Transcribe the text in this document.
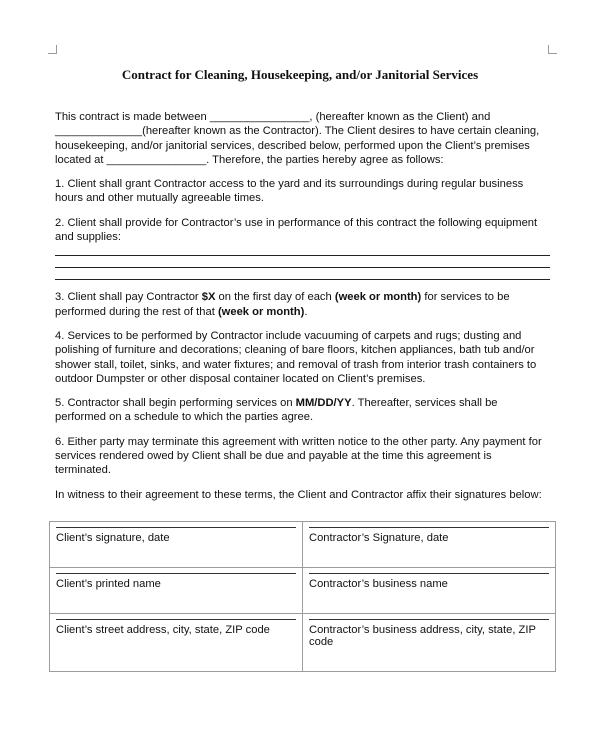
Contract for Cleaning, Housekeeping, and/or Janitorial Services

This contract is made between ________________, (hereafter known as the Client) and ______________(hereafter known as the Contractor). The Client desires to have certain cleaning, housekeeping, and/or janitorial services, described below, performed upon the Client’s premises located at ________________. Therefore, the parties hereby agree as follows:

1. Client shall grant Contractor access to the yard and its surroundings during regular business hours and other mutually agreeable times.

2. Client shall provide for Contractor’s use in performance of this contract the following equipment and supplies:

3. Client shall pay Contractor $X on the first day of each (week or month) for services to be performed during the rest of that (week or month).

4. Services to be performed by Contractor include vacuuming of carpets and rugs; dusting and polishing of furniture and decorations; cleaning of bare floors, kitchen appliances, bath tub and/or shower stall, toilet, sinks, and water fixtures; and removal of trash from interior trash containers to outdoor Dumpster or other disposal container located on Client’s premises.

5. Contractor shall begin performing services on MM/DD/YY. Thereafter, services shall be performed on a schedule to which the parties agree.

6. Either party may terminate this agreement with written notice to the other party. Any payment for services rendered owed by Client shall be due and payable at the time this agreement is terminated.

In witness to their agreement to these terms, the Client and Contractor affix their signatures below:

Client’s signature, date	Contractor’s Signature, date

Client’s printed name	Contractor’s business name

Client’s street address, city, state, ZIP code	Contractor’s business address, city, state, ZIP code
